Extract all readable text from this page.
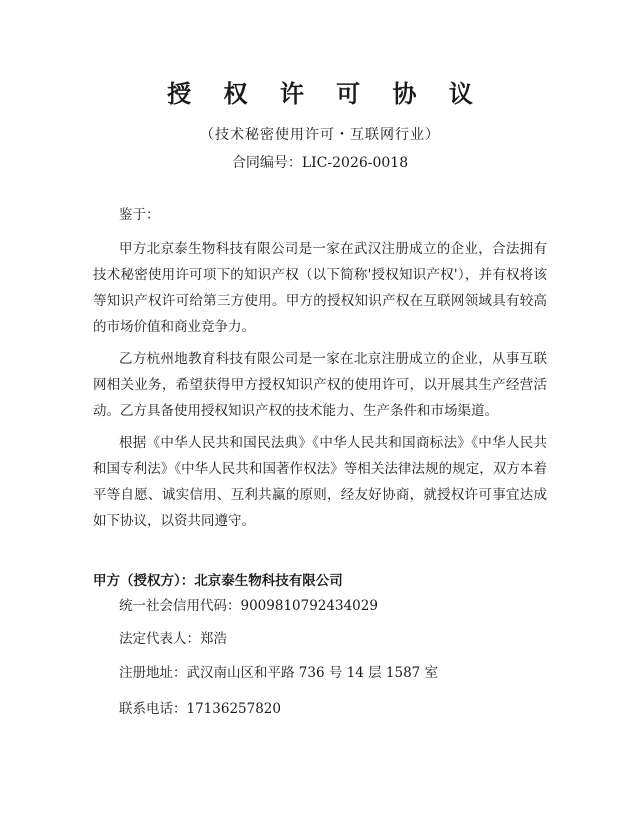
授 权 许 可 协 议
（技术秘密使用许可・互联网行业）
合同编号：LIC-2026-0018
鉴于：
甲方北京泰生物科技有限公司是一家在武汉注册成立的企业，合法拥有技术秘密使用许可项下的知识产权（以下简称'授权知识产权'），并有权将该等知识产权许可给第三方使用。甲方的授权知识产权在互联网领域具有较高的市场价值和商业竞争力。
乙方杭州地教育科技有限公司是一家在北京注册成立的企业，从事互联网相关业务，希望获得甲方授权知识产权的使用许可，以开展其生产经营活动。乙方具备使用授权知识产权的技术能力、生产条件和市场渠道。
根据《中华人民共和国民法典》《中华人民共和国商标法》《中华人民共和国专利法》《中华人民共和国著作权法》等相关法律法规的规定，双方本着平等自愿、诚实信用、互利共赢的原则，经友好协商，就授权许可事宜达成如下协议，以资共同遵守。
甲方（授权方）：北京泰生物科技有限公司
统一社会信用代码：9009810792434029
法定代表人：郑浩
注册地址：武汉南山区和平路 736 号 14 层 1587 室
联系电话：17136257820
